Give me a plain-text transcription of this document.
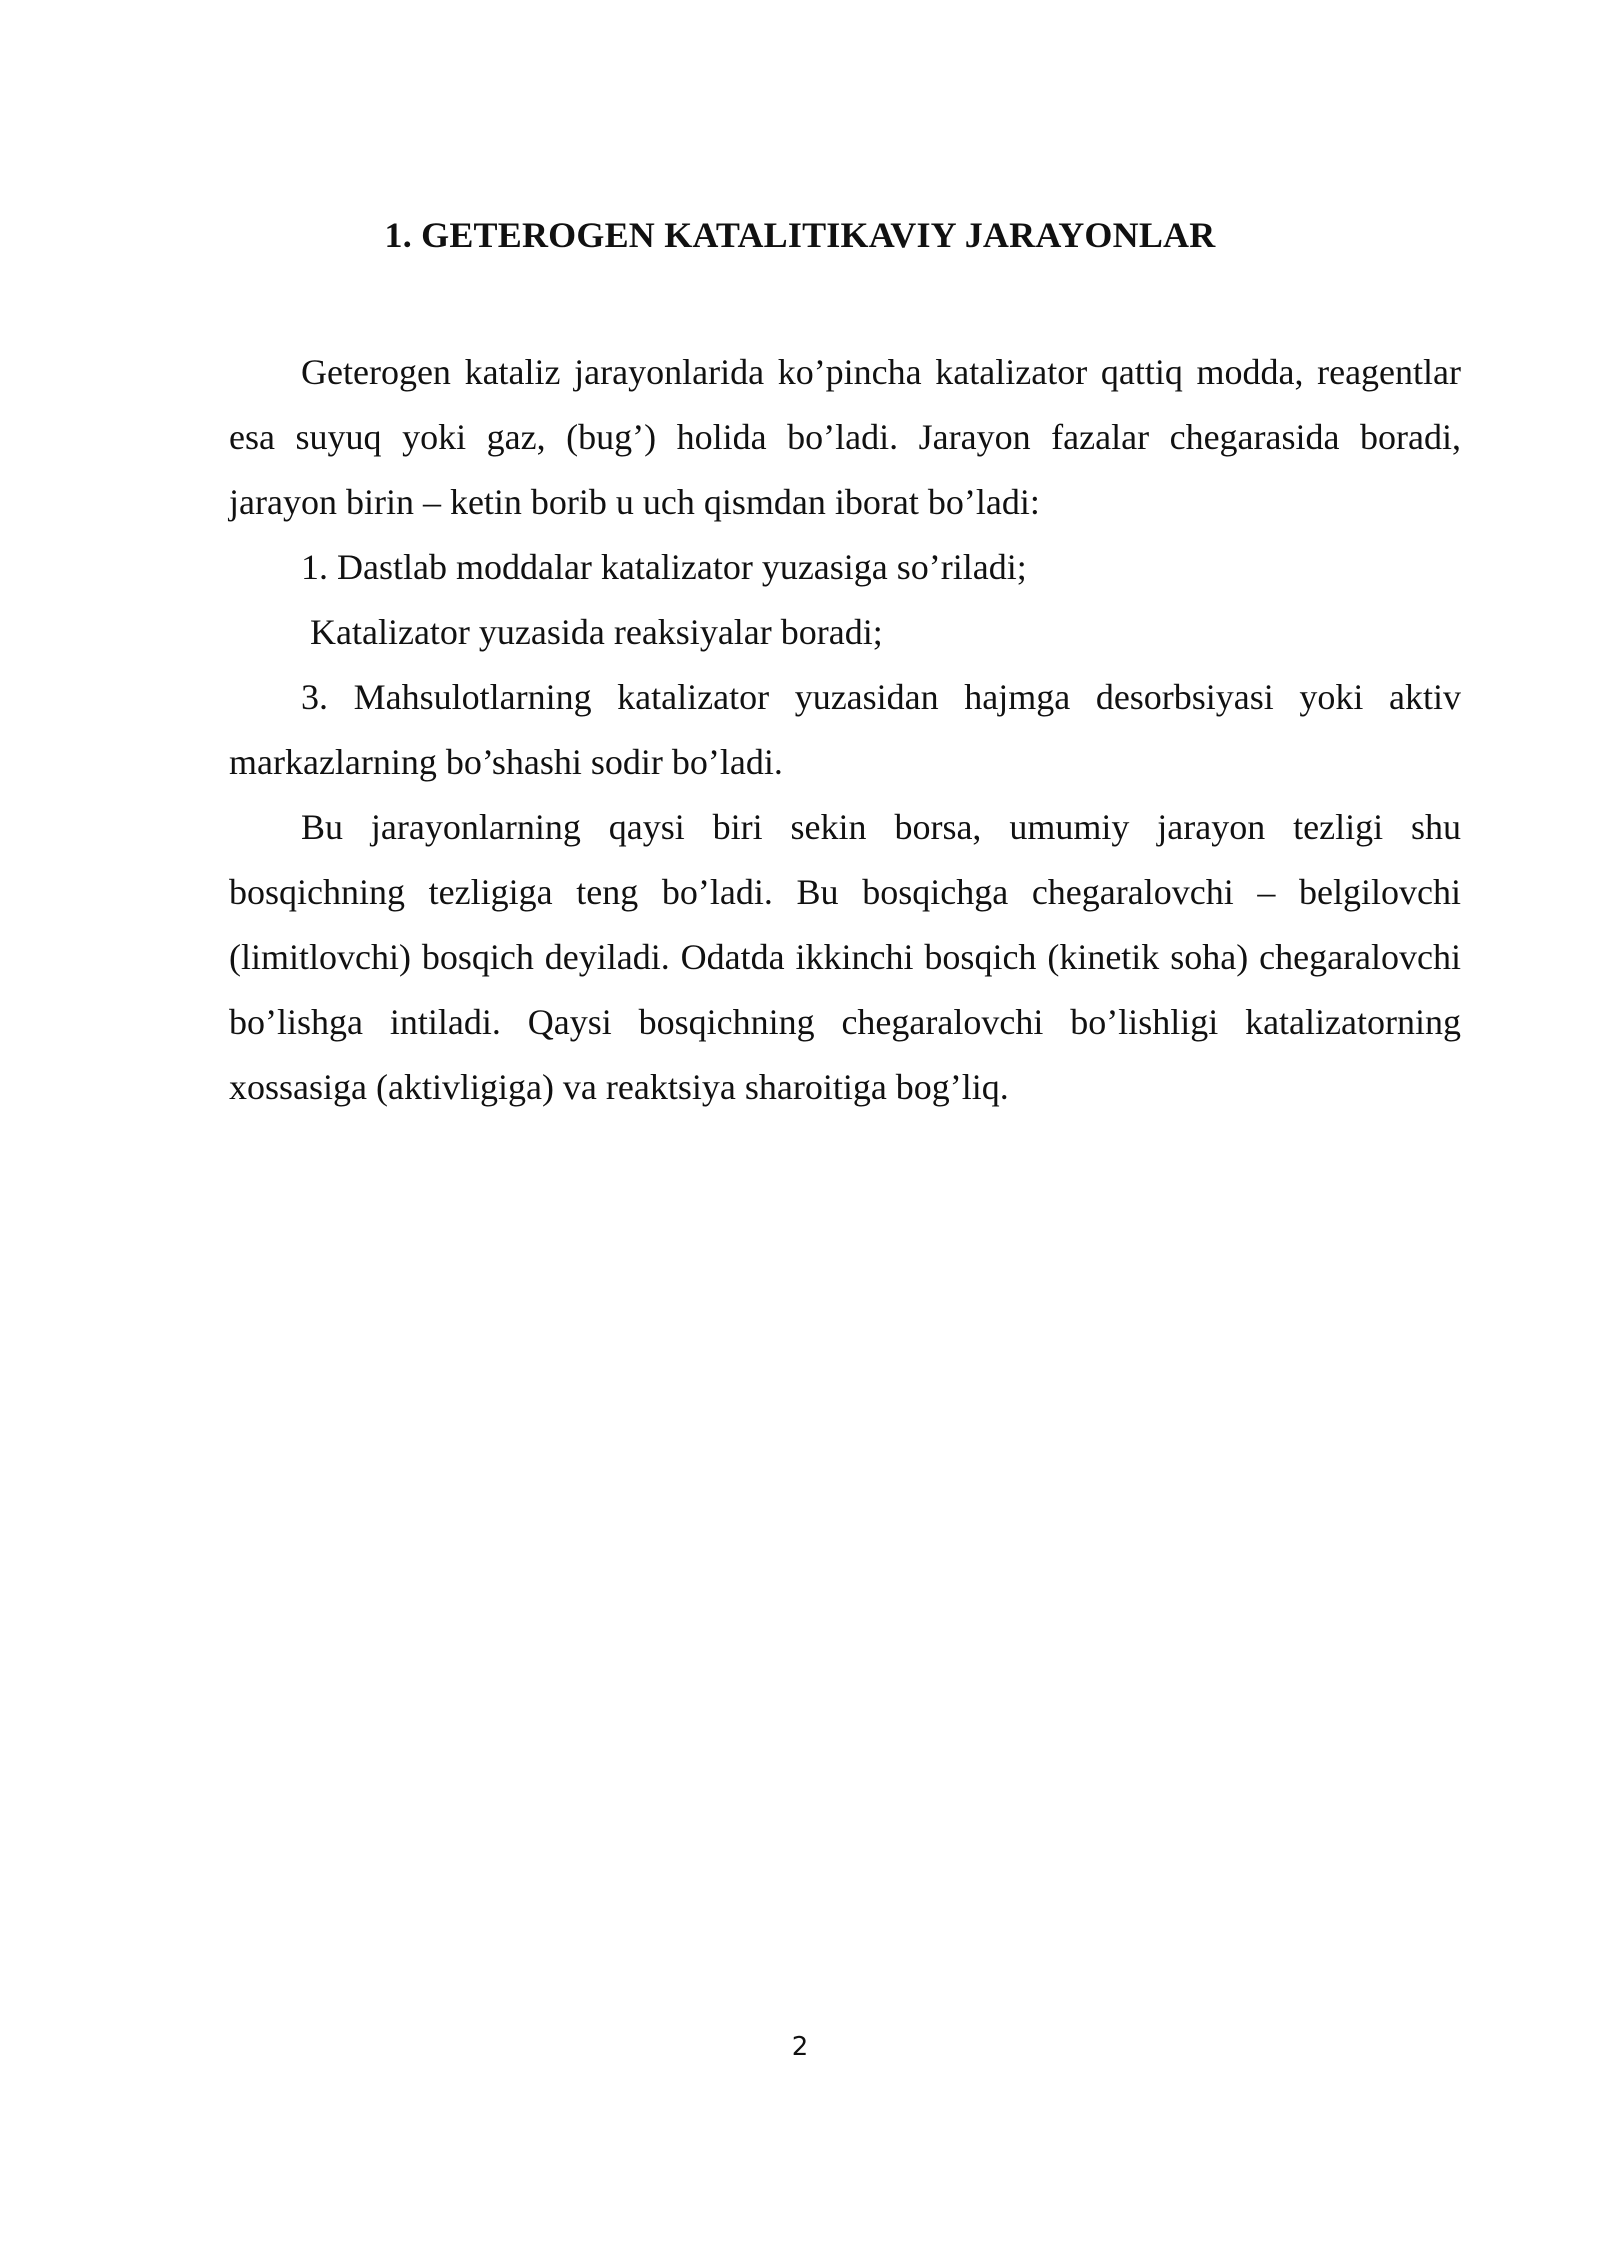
1. GETEROGEN KATALITIKAVIY JARAYONLAR

Geterogen kataliz jarayonlarida ko’pincha katalizator qattiq modda, reagentlar esa suyuq yoki gaz, (bug’) holida bo’ladi. Jarayon fazalar chegarasida boradi, jarayon birin – ketin borib u uch qismdan iborat bo’ladi:

1. Dastlab moddalar katalizator yuzasiga so’riladi;

Katalizator yuzasida reaksiyalar boradi;

3. Mahsulotlarning katalizator yuzasidan hajmga desorbsiyasi yoki aktiv markazlarning bo’shashi sodir bo’ladi.

Bu jarayonlarning qaysi biri sekin borsa, umumiy jarayon tezligi shu bosqichning tezligiga teng bo’ladi. Bu bosqichga chegaralovchi – belgilovchi (limitlovchi) bosqich deyiladi. Odatda ikkinchi bosqich (kinetik soha) chegaralovchi bo’lishga intiladi. Qaysi bosqichning chegaralovchi bo’lishligi katalizatorning xossasiga (aktivligiga) va reaktsiya sharoitiga bog’liq.

2
